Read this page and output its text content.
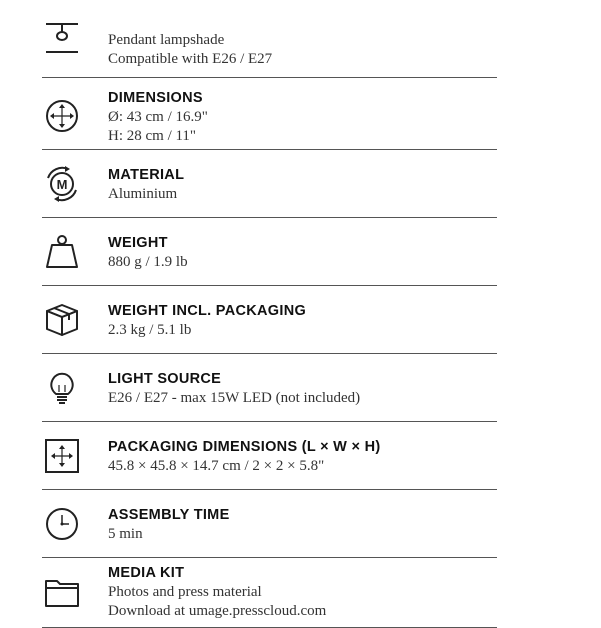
Pendant lampshade
Compatible with E26 / E27
DIMENSIONS
Ø: 43 cm / 16.9"
H: 28 cm / 11"
M
MATERIAL
Aluminium
WEIGHT
880 g / 1.9 lb
WEIGHT INCL. PACKAGING
2.3 kg / 5.1 lb
LIGHT SOURCE
E26 / E27 - max 15W LED (not included)
PACKAGING DIMENSIONS (L × W × H)
45.8 × 45.8 × 14.7 cm / 2 × 2 × 5.8"
ASSEMBLY TIME
5 min
MEDIA KIT
Photos and press material
Download at umage.presscloud.com
